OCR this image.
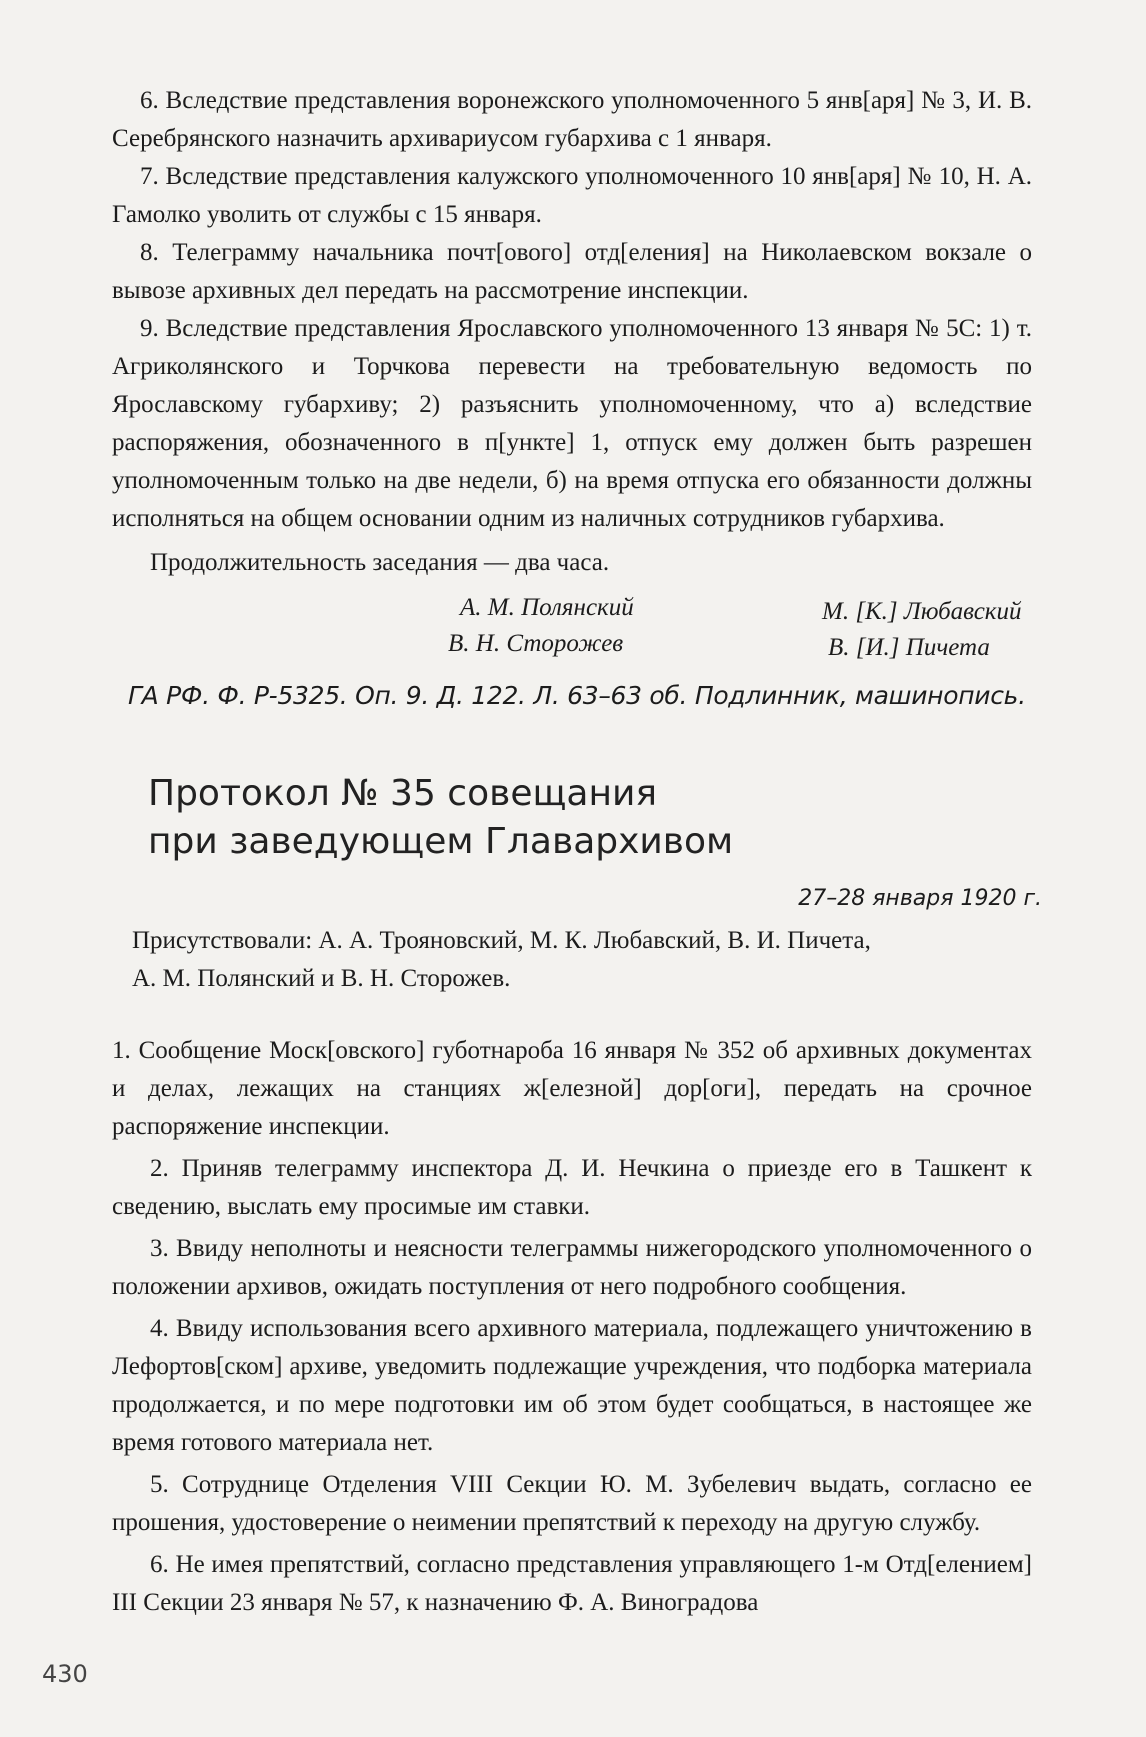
6. Вследствие представления воронежского уполномоченного 5 янв[аря] № 3, И. В. Серебрянского назначить архивариусом губархива с 1 января.

7. Вследствие представления калужского уполномоченного 10 янв[аря] № 10, Н. А. Гамолко уволить от службы с 15 января.

8. Телеграмму начальника почт[ового] отд[еления] на Николаевском вокзале о вывозе архивных дел передать на рассмотрение инспекции.

9. Вследствие представления Ярославского уполномоченного 13 января № 5С: 1) т. Агриколянского и Торчкова перевести на требовательную ведомость по Ярославскому губархиву; 2) разъяснить уполномоченному, что а) вследствие распоряжения, обозначенного в п[ункте] 1, отпуск ему должен быть разрешен уполномоченным только на две недели, б) на время отпуска его обязанности должны исполняться на общем основании одним из наличных сотрудников губархива.

Продолжительность заседания — два часа.

А. М. Полянский
В. Н. Сторожев
М. [К.] Любавский
В. [И.] Пичета
ГА РФ. Ф. Р-5325. Оп. 9. Д. 122. Л. 63–63 об. Подлинник, машинопись.
Протокол № 35 совещания
при заведующем Главархивом
27–28 января 1920 г.

Присутствовали: А. А. Трояновский, М. К. Любавский, В. И. Пичета, А. М. Полянский и В. Н. Сторожев.

1. Сообщение Моск[овского] губотнароба 16 января № 352 об архивных документах и делах, лежащих на станциях ж[елезной] дор[оги], передать на срочное распоряжение инспекции.

2. Приняв телеграмму инспектора Д. И. Нечкина о приезде его в Ташкент к сведению, выслать ему просимые им ставки.

3. Ввиду неполноты и неясности телеграммы нижегородского уполномоченного о положении архивов, ожидать поступления от него подробного сообщения.

4. Ввиду использования всего архивного материала, подлежащего уничтожению в Лефортов[ском] архиве, уведомить подлежащие учреждения, что подборка материала продолжается, и по мере подготовки им об этом будет сообщаться, в настоящее же время готового материала нет.

5. Сотруднице Отделения VIII Секции Ю. М. Зубелевич выдать, согласно ее прошения, удостоверение о неимении препятствий к переходу на другую службу.

6. Не имея препятствий, согласно представления управляющего 1-м Отд[елением] III Секции 23 января № 57, к назначению Ф. А. Виноградова

430
